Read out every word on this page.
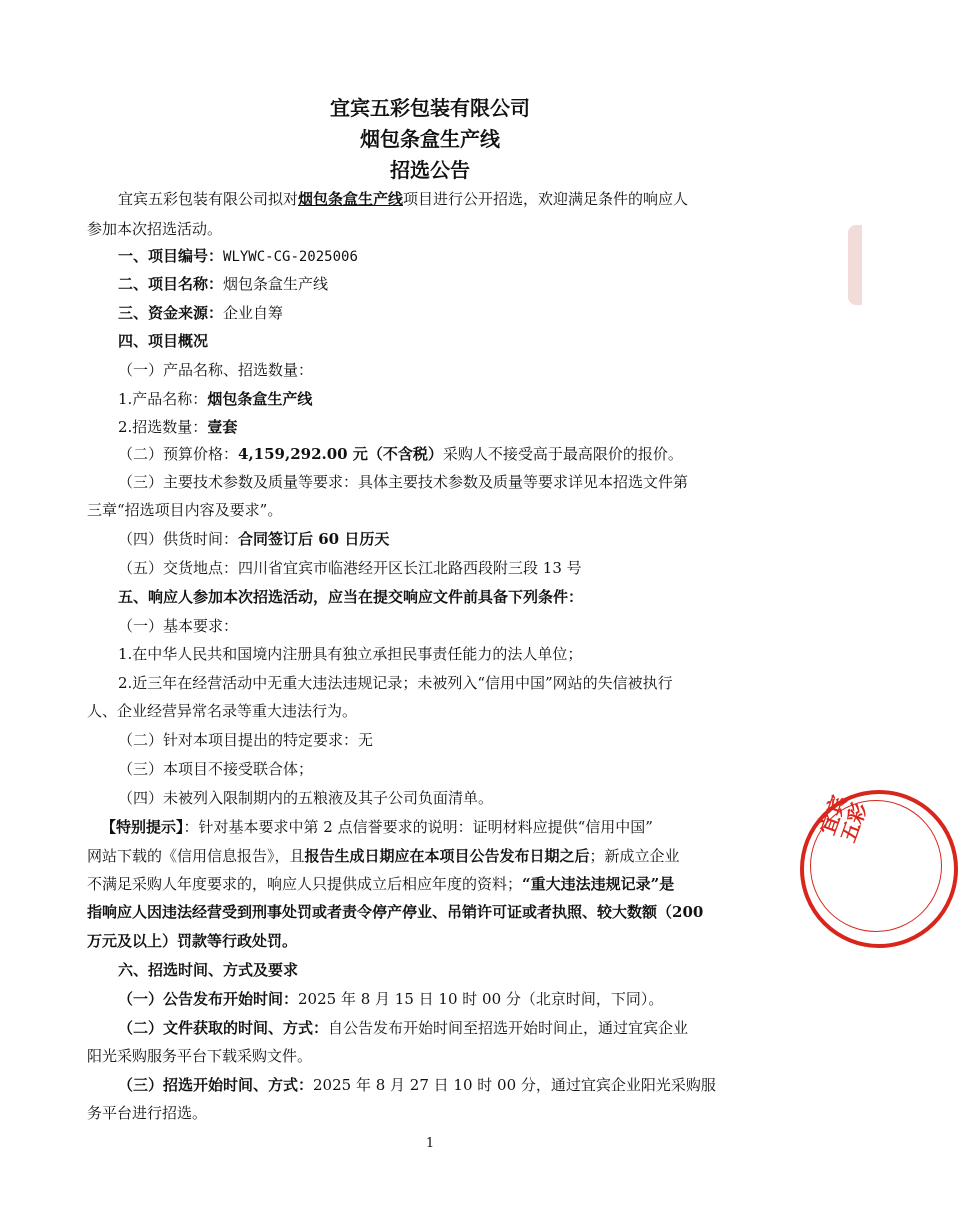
宜宾五彩包装有限公司
烟包条盒生产线
招选公告
宜宾五彩包装有限公司拟对烟包条盒生产线项目进行公开招选，欢迎满足条件的响应人
参加本次招选活动。
一、项目编号：WLYWC-CG-2025006
二、项目名称：烟包条盒生产线
三、资金来源：企业自筹
四、项目概况
（一）产品名称、招选数量：
1.产品名称：烟包条盒生产线
2.招选数量：壹套
（二）预算价格：4,159,292.00 元（不含税）采购人不接受高于最高限价的报价。
（三）主要技术参数及质量等要求：具体主要技术参数及质量等要求详见本招选文件第
三章“招选项目内容及要求”。
（四）供货时间：合同签订后 60 日历天
（五）交货地点：四川省宜宾市临港经开区长江北路西段附三段 13 号
五、响应人参加本次招选活动，应当在提交响应文件前具备下列条件：
（一）基本要求：
1.在中华人民共和国境内注册具有独立承担民事责任能力的法人单位；
2.近三年在经营活动中无重大违法违规记录；未被列入“信用中国”网站的失信被执行
人、企业经营异常名录等重大违法行为。
（二）针对本项目提出的特定要求：无
（三）本项目不接受联合体；
（四）未被列入限制期内的五粮液及其子公司负面清单。
【特别提示】：针对基本要求中第 2 点信誉要求的说明：证明材料应提供“信用中国”
网站下载的《信用信息报告》，且报告生成日期应在本项目公告发布日期之后；新成立企业
不满足采购人年度要求的，响应人只提供成立后相应年度的资料；“重大违法违规记录”是
指响应人因违法经营受到刑事处罚或者责令停产停业、吊销许可证或者执照、较大数额（200
万元及以上）罚款等行政处罚。
六、招选时间、方式及要求
（一）公告发布开始时间：2025 年 8 月 15 日 10 时 00 分（北京时间，下同）。
（二）文件获取的时间、方式：自公告发布开始时间至招选开始时间止，通过宜宾企业
阳光采购服务平台下载采购文件。
（三）招选开始时间、方式：2025 年 8 月 27 日 10 时 00 分，通过宜宾企业阳光采购服
务平台进行招选。
1
宜宾五彩
